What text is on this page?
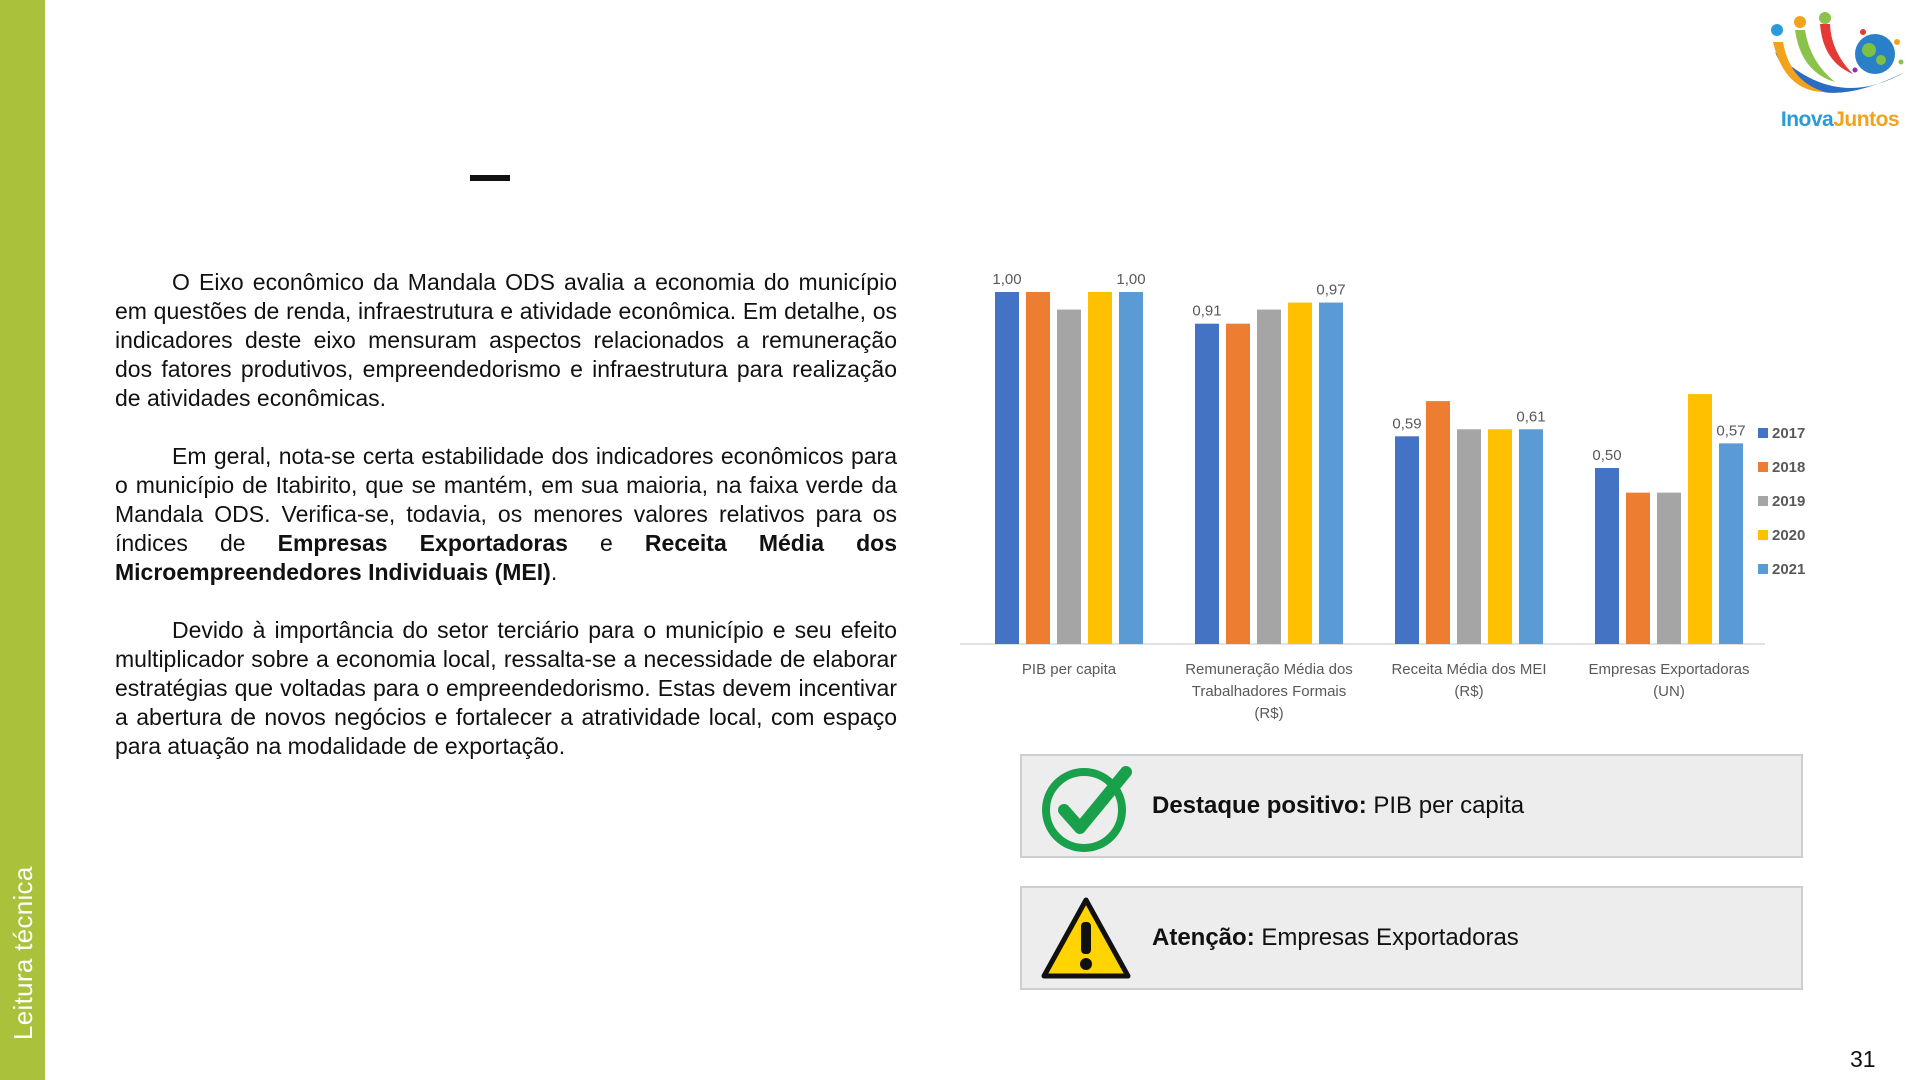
Leitura técnica
InovaJuntos

O Eixo econômico da Mandala ODS avalia a economia do município em questões de renda, infraestrutura e atividade econômica. Em detalhe, os indicadores deste eixo mensuram aspectos relacionados a remuneração dos fatores produtivos, empreendedorismo e infraestrutura para realização de atividades econômicas.

Em geral, nota-se certa estabilidade dos indicadores econômicos para o município de Itabirito, que se mantém, em sua maioria, na faixa verde da Mandala ODS. Verifica-se, todavia, os menores valores relativos para os índices de Empresas Exportadoras e Receita Média dos Microempreendedores Individuais (MEI).

Devido à importância do setor terciário para o município e seu efeito multiplicador sobre a economia local, ressalta-se a necessidade de elaborar estratégias que voltadas para o empreendedorismo. Estas devem incentivar a abertura de novos negócios e fortalecer a atratividade local, com espaço para atuação na modalidade de exportação.

PIB per capita	Remuneração Média dos
Trabalhadores Formais
(R$)
Receita Média dos MEI
(R$)
Empresas Exportadoras
(UN)
1,00	1,00
0,91
0,97
0,59	0,61
0,50
0,57 2017
2018
2019
2020
2021
Destaque positivo: PIB per capita
Atenção: Empresas Exportadoras
31
